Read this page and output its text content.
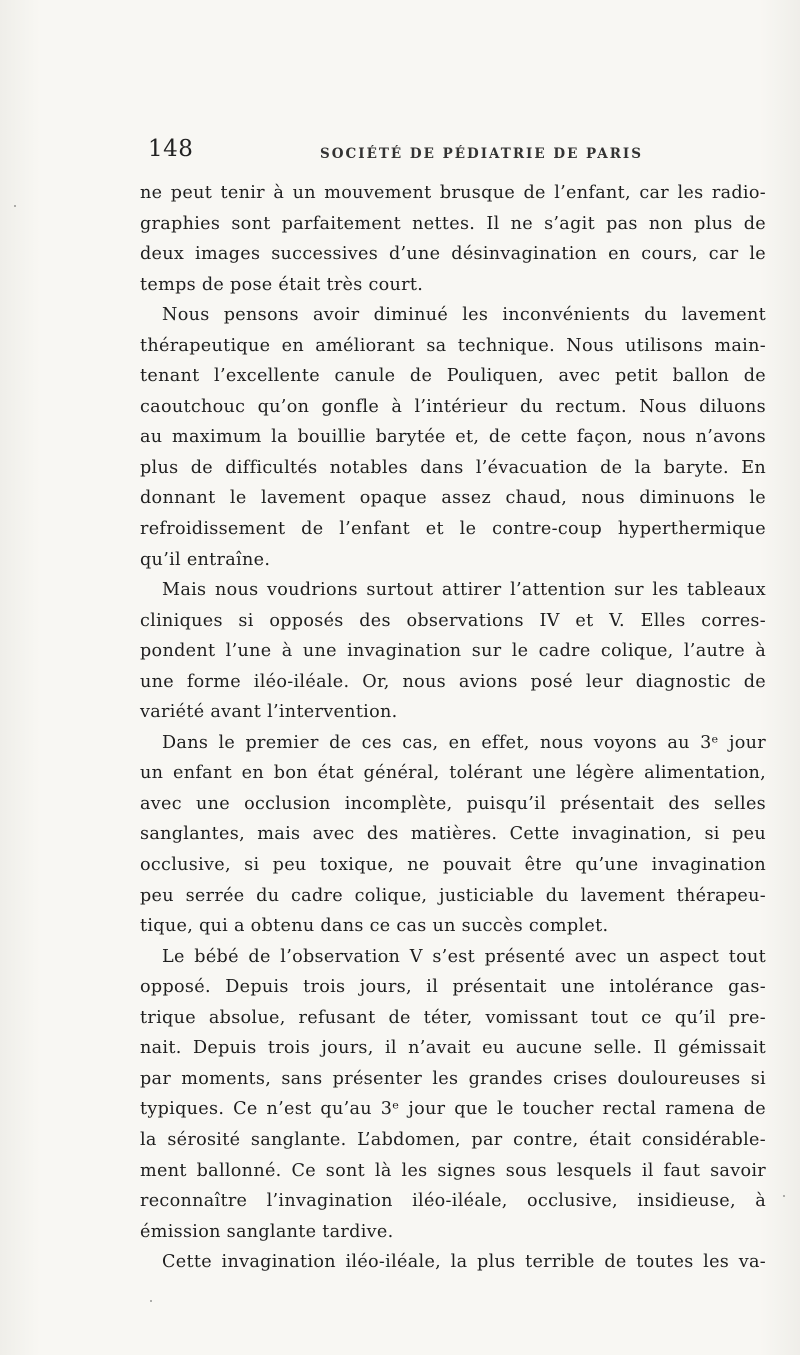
148	SOCIÉTÉ DE PÉDIATRIE DE PARIS
ne peut tenir à un mouvement brusque de l’enfant, car les radio-
graphies sont parfaitement nettes. Il ne s’agit pas non plus de
deux images successives d’une désinvagination en cours, car le
temps de pose était très court.
Nous pensons avoir diminué les inconvénients du lavement
thérapeutique en améliorant sa technique. Nous utilisons main-
tenant l’excellente canule de Pouliquen, avec petit ballon de
caoutchouc qu’on gonfle à l’intérieur du rectum. Nous diluons
au maximum la bouillie barytée et, de cette façon, nous n’avons
plus de difficultés notables dans l’évacuation de la baryte. En
donnant le lavement opaque assez chaud, nous diminuons le
refroidissement de l’enfant et le contre-coup hyperthermique
qu’il entraîne.
Mais nous voudrions surtout attirer l’attention sur les tableaux
cliniques si opposés des observations IV et V. Elles corres-
pondent l’une à une invagination sur le cadre colique, l’autre à
une forme iléo-iléale. Or, nous avions posé leur diagnostic de
variété avant l’intervention.
Dans le premier de ces cas, en effet, nous voyons au 3ᵉ jour
un enfant en bon état général, tolérant une légère alimentation,
avec une occlusion incomplète, puisqu’il présentait des selles
sanglantes, mais avec des matières. Cette invagination, si peu
occlusive, si peu toxique, ne pouvait être qu’une invagination
peu serrée du cadre colique, justiciable du lavement thérapeu-
tique, qui a obtenu dans ce cas un succès complet.
Le bébé de l’observation V s’est présenté avec un aspect tout
opposé. Depuis trois jours, il présentait une intolérance gas-
trique absolue, refusant de téter, vomissant tout ce qu’il pre-
nait. Depuis trois jours, il n’avait eu aucune selle. Il gémissait
par moments, sans présenter les grandes crises douloureuses si
typiques. Ce n’est qu’au 3ᵉ jour que le toucher rectal ramena de
la sérosité sanglante. L’abdomen, par contre, était considérable-
ment ballonné. Ce sont là les signes sous lesquels il faut savoir
reconnaître l’invagination iléo-iléale, occlusive, insidieuse, à
émission sanglante tardive.
Cette invagination iléo-iléale, la plus terrible de toutes les va-
